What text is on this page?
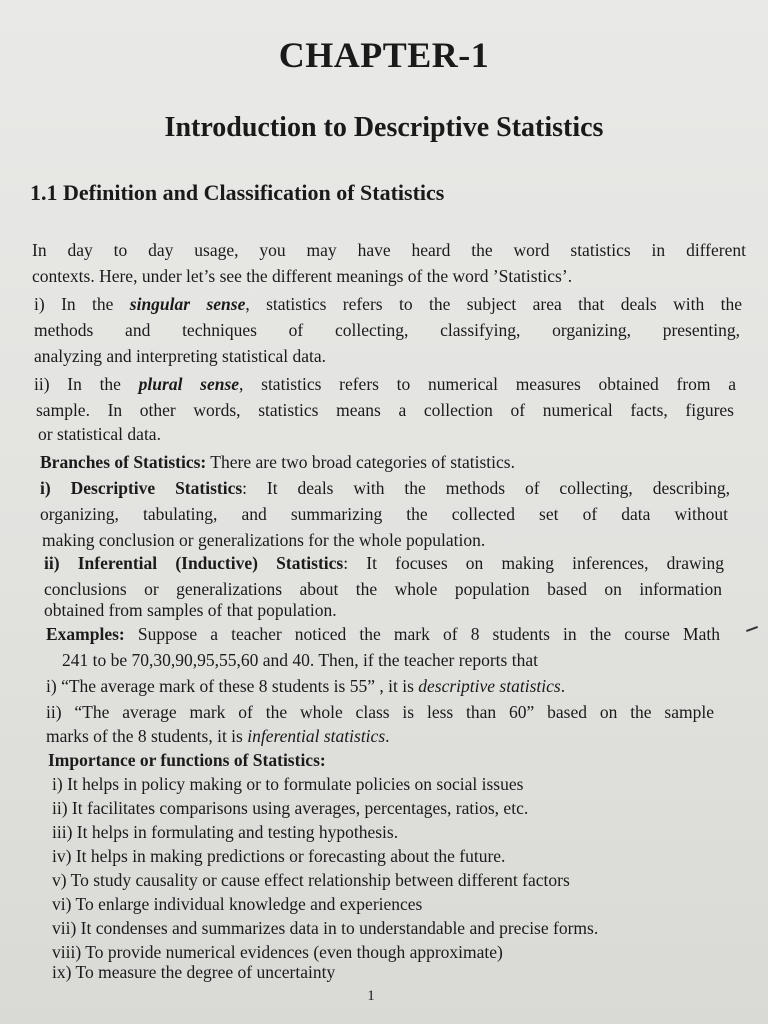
CHAPTER-1
Introduction to Descriptive Statistics
1.1 Definition and Classification of Statistics
In day to day usage, you may have heard the word statistics in different
contexts. Here, under let’s see the different meanings of the word ’Statistics’.
i) In the singular sense, statistics refers to the subject area that deals with the
methods and techniques of collecting, classifying, organizing, presenting,
analyzing and interpreting statistical data.
ii) In the plural sense, statistics refers to numerical measures obtained from a
sample. In other words, statistics means a collection of numerical facts, figures
or statistical data.
Branches of Statistics: There are two broad categories of statistics.
i) Descriptive Statistics: It deals with the methods of collecting, describing,
organizing, tabulating, and summarizing the collected set of data without
making conclusion or generalizations for the whole population.
ii) Inferential (Inductive) Statistics: It focuses on making inferences, drawing
conclusions or generalizations about the whole population based on information
obtained from samples of that population.
Examples: Suppose a teacher noticed the mark of 8 students in the course Math
241 to be 70,30,90,95,55,60 and 40. Then, if the teacher reports that
i) “The average mark of these 8 students is 55” , it is descriptive statistics.
ii) “The average mark of the whole class is less than 60” based on the sample
marks of the 8 students, it is inferential statistics.
Importance or functions of Statistics:
i) It helps in policy making or to formulate policies on social issues
ii) It facilitates comparisons using averages, percentages, ratios, etc.
iii) It helps in formulating and testing hypothesis.
iv) It helps in making predictions or forecasting about the future.
v) To study causality or cause effect relationship between different factors
vi) To enlarge individual knowledge and experiences
vii) It condenses and summarizes data in to understandable and precise forms.
viii) To provide numerical evidences (even though approximate)
ix) To measure the degree of uncertainty
1
